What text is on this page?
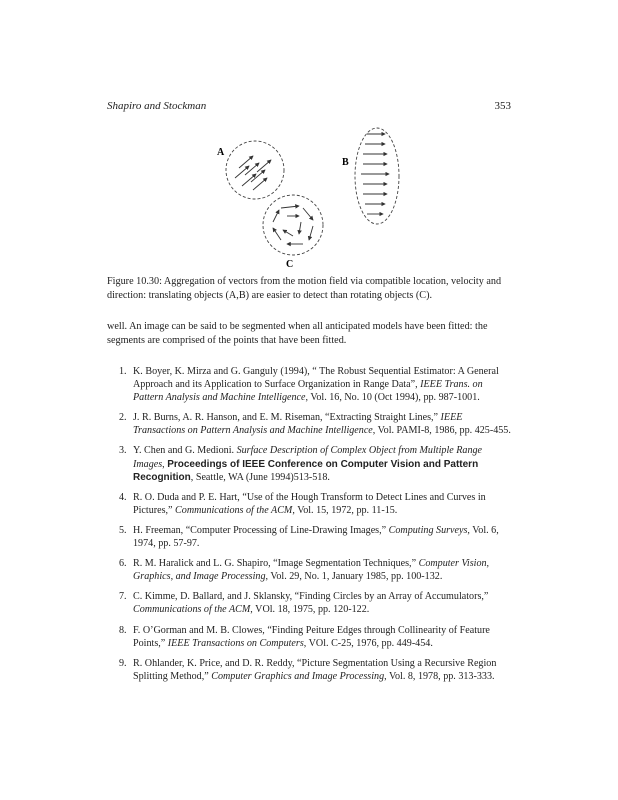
Shapiro and Stockman	353
A
B
C
Figure 10.30: Aggregation of vectors from the motion field via compatible location, velocity and direction: translating objects (A,B) are easier to detect than rotating objects (C).
well. An image can be said to be segmented when all anticipated models have been fitted: the segments are comprised of the points that have been fitted.
1. K. Boyer, K. Mirza and G. Ganguly (1994), “ The Robust Sequential Estimator: A General Approach and its Application to Surface Organization in Range Data”, IEEE Trans. on Pattern Analysis and Machine Intelligence, Vol. 16, No. 10 (Oct 1994), pp. 987-1001.
2. J. R. Burns, A. R. Hanson, and E. M. Riseman, “Extracting Straight Lines,” IEEE Transactions on Pattern Analysis and Machine Intelligence, Vol. PAMI-8, 1986, pp. 425-455.
3. Y. Chen and G. Medioni. Surface Description of Complex Object from Multiple Range Images, Proceedings of IEEE Conference on Computer Vision and Pattern Recognition, Seattle, WA (June 1994)513-518.
4. R. O. Duda and P. E. Hart, “Use of the Hough Transform to Detect Lines and Curves in Pictures,” Communications of the ACM, Vol. 15, 1972, pp. 11-15.
5. H. Freeman, “Computer Processing of Line-Drawing Images,” Computing Surveys, Vol. 6, 1974, pp. 57-97.
6. R. M. Haralick and L. G. Shapiro, “Image Segmentation Techniques,” Computer Vision, Graphics, and Image Processing, Vol. 29, No. 1, January 1985, pp. 100-132.
7. C. Kimme, D. Ballard, and J. Sklansky, “Finding Circles by an Array of Accumulators,” Communications of the ACM, VOl. 18, 1975, pp. 120-122.
8. F. O’Gorman and M. B. Clowes, “Finding Peiture Edges through Collinearity of Feature Points,” IEEE Transactions on Computers, VOl. C-25, 1976, pp. 449-454.
9. R. Ohlander, K. Price, and D. R. Reddy, “Picture Segmentation Using a Recursive Region Splitting Method,” Computer Graphics and Image Processing, Vol. 8, 1978, pp. 313-333.
